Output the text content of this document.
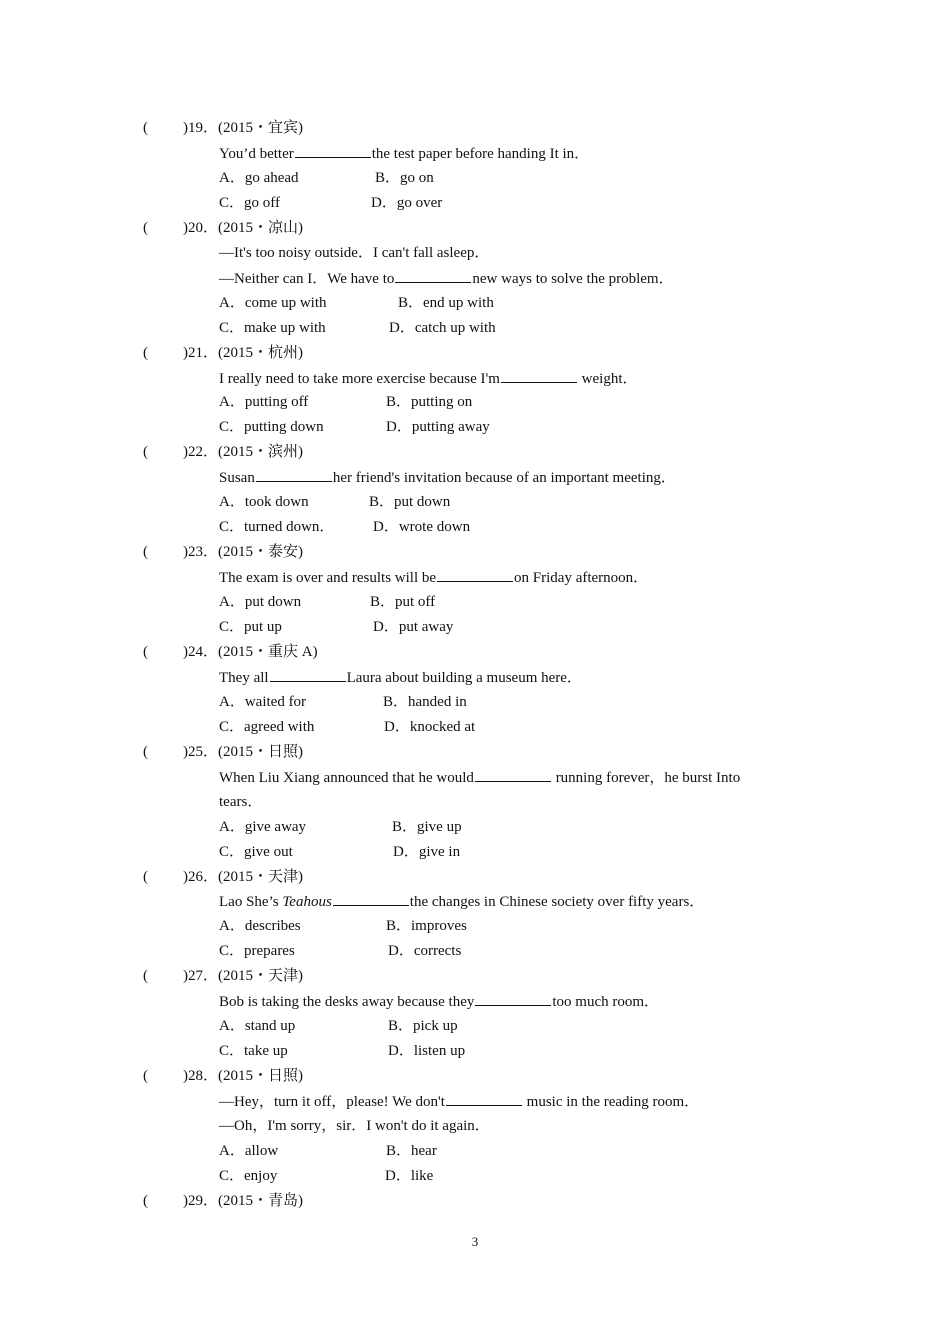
( )19．(2015・宜宾)
You’d better	the test paper before handing It in．
A．go ahead	B．go on
C．go off	D．go over
( )20．(2015・凉山)
—It's too noisy outside．I can't fall asleep．
—Neither can I．We have to	new ways to solve the problem．
A．come up with	B．end up with
C．make up with	D．catch up with
( )21．(2015・杭州)
I really need to take more exercise because I'm	weight．
A．putting off	B．putting on
C．putting down	D．putting away
( )22．(2015・滨州)
Susan	her friend's invitation because of an important meeting．
A．took down	B．put down
C．turned down．	D．wrote down
( )23．(2015・泰安)
The exam is over and results will be	on Friday afternoon．
A．put down	B．put off
C．put up	D．put away
( )24．(2015・重庆 A)
They all	Laura about building a museum here．
A．waited for	B．handed in
C．agreed with	D．knocked at
( )25．(2015・日照)
When Liu Xiang announced that he would	running forever，he burst Into
tears．
A．give away	B．give up
C．give out	D．give in
( )26．(2015・天津)
Lao She’s Teahous	the changes in Chinese society over fifty years．
A．describes	B．improves
C．prepares	D．corrects
( )27．(2015・天津)
Bob is taking the desks away because they	too much room．
A．stand up	B．pick up
C．take up	D．listen up
( )28．(2015・日照)
—Hey，turn it off，please! We don't	music in the reading room．
—Oh，I'm sorry，sir．I won't do it again．
A．allow	B．hear
C．enjoy	D．like
( )29．(2015・青岛)
3
